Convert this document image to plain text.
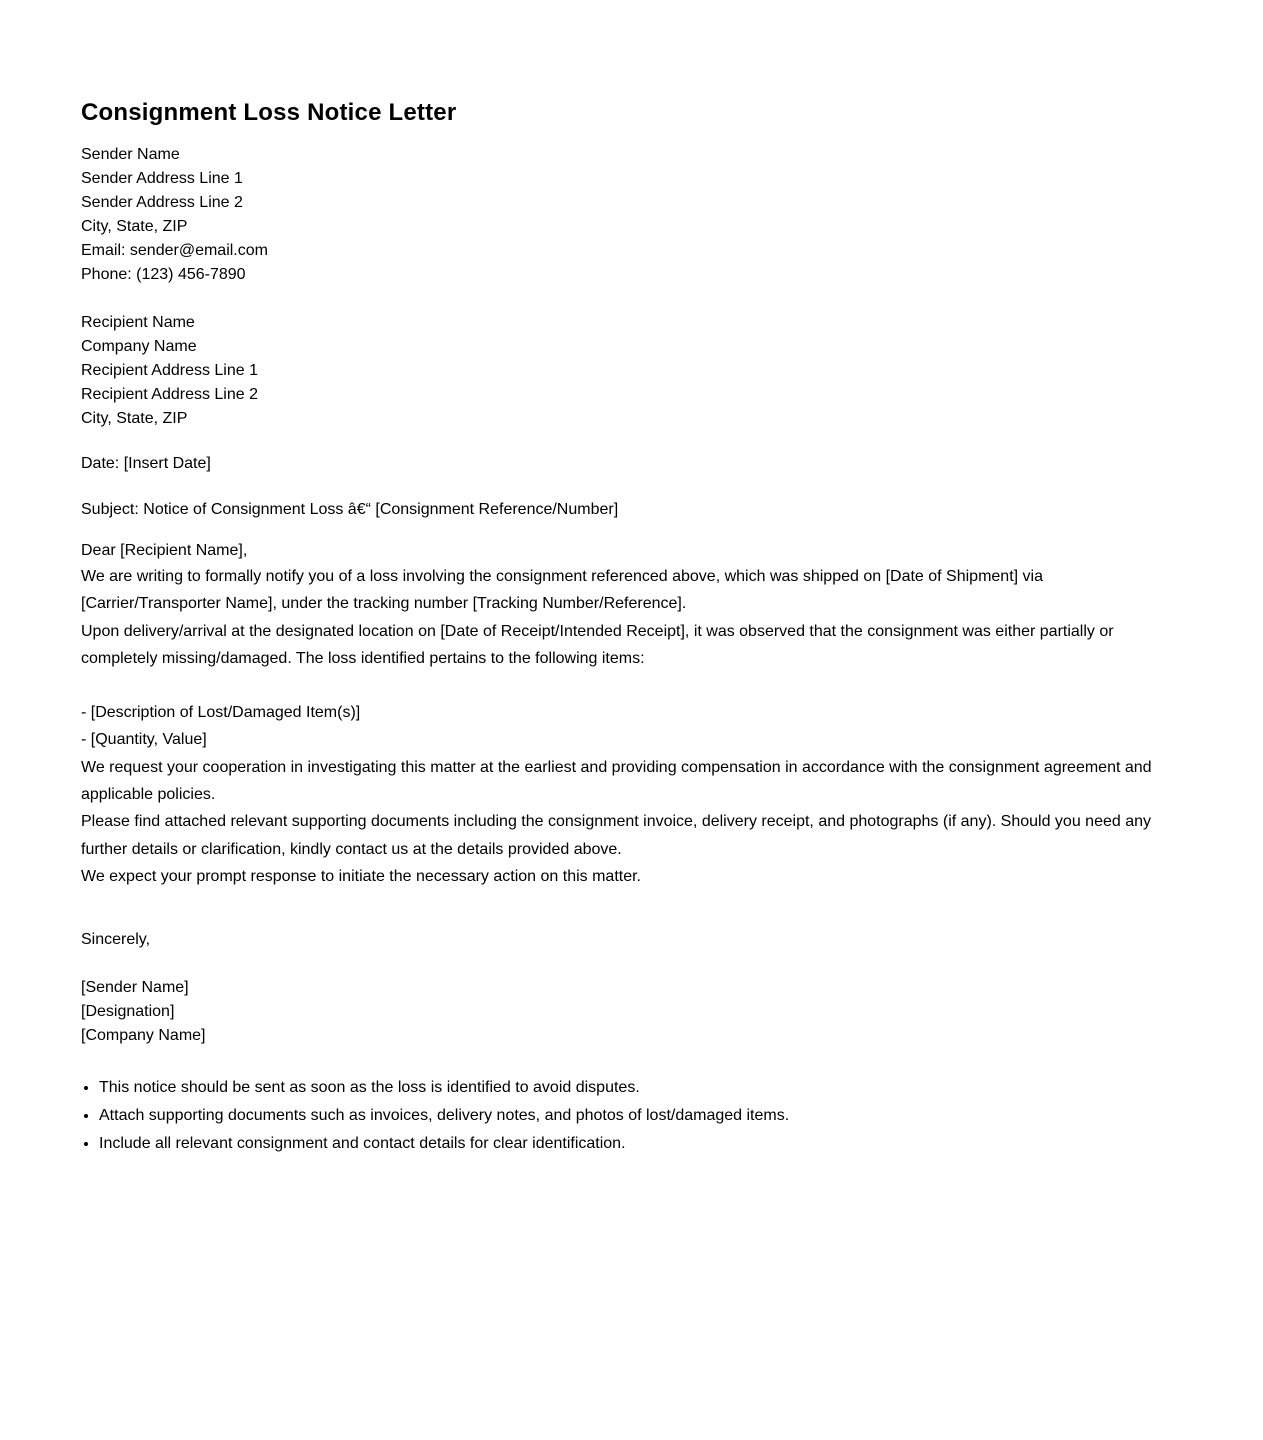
Consignment Loss Notice Letter
Sender Name
Sender Address Line 1
Sender Address Line 2
City, State, ZIP
Email: sender@email.com
Phone: (123) 456-7890
Recipient Name
Company Name
Recipient Address Line 1
Recipient Address Line 2
City, State, ZIP
Date: [Insert Date]
Subject: Notice of Consignment Loss â€“ [Consignment Reference/Number]
Dear [Recipient Name],

We are writing to formally notify you of a loss involving the consignment referenced above, which was shipped on [Date of Shipment] via [Carrier/Transporter Name], under the tracking number [Tracking Number/Reference].

Upon delivery/arrival at the designated location on [Date of Receipt/Intended Receipt], it was observed that the consignment was either partially or completely missing/damaged. The loss identified pertains to the following items:

- [Description of Lost/Damaged Item(s)]
- [Quantity, Value]

We request your cooperation in investigating this matter at the earliest and providing compensation in accordance with the consignment agreement and applicable policies.

Please find attached relevant supporting documents including the consignment invoice, delivery receipt, and photographs (if any). Should you need any further details or clarification, kindly contact us at the details provided above.

We expect your prompt response to initiate the necessary action on this matter.

Sincerely,
[Sender Name]
[Designation]
[Company Name]
• This notice should be sent as soon as the loss is identified to avoid disputes.
• Attach supporting documents such as invoices, delivery notes, and photos of lost/damaged items.
• Include all relevant consignment and contact details for clear identification.
